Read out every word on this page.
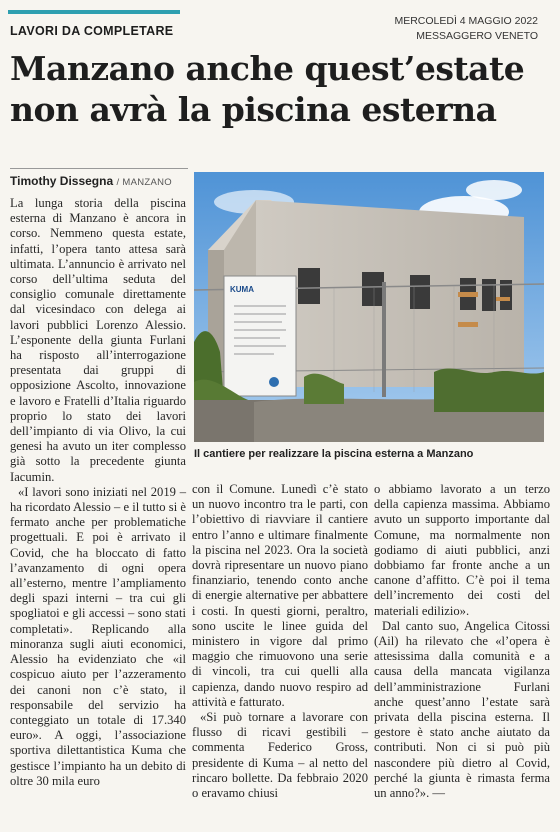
LAVORI DA COMPLETARE
MERCOLEDÌ 4 MAGGIO 2022
MESSAGGERO VENETO
Manzano anche quest’estate
non avrà la piscina esterna
Timothy Dissegna / MANZANO

La lunga storia della piscina esterna di Manzano è ancora in corso. Nemmeno questa estate, infatti, l’opera tanto attesa sarà ultimata. L’annuncio è arrivato nel corso dell’ultima seduta del consiglio comunale direttamente dal vicesindaco con delega ai lavori pubblici Lorenzo Alessio. L’esponente della giunta Furlani ha risposto all’interrogazione presentata dai gruppi di opposizione Ascolto, innovazione e lavoro e Fratelli d’Italia riguardo proprio lo stato dei lavori dell’impianto di via Olivo, la cui genesi ha avuto un iter complesso già sotto la precedente giunta Iacumin.

«I lavori sono iniziati nel 2019 – ha ricordato Alessio – e il tutto si è fermato anche per problematiche progettuali. E poi è arrivato il Covid, che ha bloccato di fatto l’avanzamento di ogni opera all’esterno, mentre l’ampliamento degli spazi interni – tra cui gli spogliatoi e gli accessi – sono stati completati». Replicando alla minoranza sugli aiuti economici, Alessio ha evidenziato che «il cospicuo aiuto per l’azzeramento dei canoni non c’è stato, il responsabile del servizio ha conteggiato un totale di 17.340 euro». A oggi, l’associazione sportiva dilettantistica Kuma che gestisce l’impianto ha un debito di oltre 30 mila euro

KUMA
Il cantiere per realizzare la piscina esterna a Manzano

con il Comune. Lunedì c’è stato un nuovo incontro tra le parti, con l’obiettivo di riavviare il cantiere entro l’anno e ultimare finalmente la piscina nel 2023. Ora la società dovrà ripresentare un nuovo piano finanziario, tenendo conto anche di energie alternative per abbattere i costi. In questi giorni, peraltro, sono uscite le linee guida del ministero in vigore dal primo maggio che rimuovono una serie di vincoli, tra cui quelli alla capienza, dando nuovo respiro ad attività e fatturato.

«Si può tornare a lavorare con flusso di ricavi gestibili – commenta Federico Gross, presidente di Kuma – al netto del rincaro bollette. Da febbraio 2020 o eravamo chiusi

o abbiamo lavorato a un terzo della capienza massima. Abbiamo avuto un supporto importante dal Comune, ma normalmente non godiamo di aiuti pubblici, anzi dobbiamo far fronte anche a un canone d’affitto. C’è poi il tema dell’incremento dei costi del materiali edilizio».

Dal canto suo, Angelica Citossi (Ail) ha rilevato che «l’opera è attesissima dalla comunità e a causa della mancata vigilanza dell’amministrazione Furlani anche quest’anno l’estate sarà privata della piscina esterna. Il gestore è stato anche aiutato da contributi. Non ci si può più nascondere più dietro al Covid, perché la giunta è rimasta ferma un anno?». —
